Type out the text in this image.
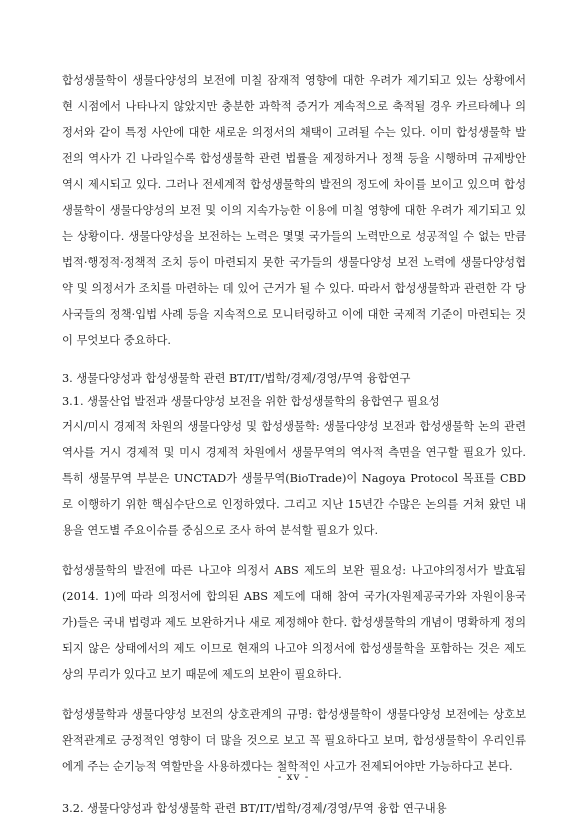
합성생물학이 생물다양성의 보전에 미칠 잠재적 영향에 대한 우려가 제기되고 있는 상황에서 현 시점에서 나타나지 않았지만 충분한 과학적 증거가 계속적으로 축적될 경우 카르타헤나 의정서와 같이 특정 사안에 대한 새로운 의정서의 채택이 고려될 수는 있다. 이미 합성생물학 발전의 역사가 긴 나라일수록 합성생물학 관련 법률을 제정하거나 정책 등을 시행하며 규제방안 역시 제시되고 있다. 그러나 전세계적 합성생물학의 발전의 정도에 차이를 보이고 있으며 합성생물학이 생물다양성의 보전 및 이의 지속가능한 이용에 미칠 영향에 대한 우려가 제기되고 있는 상황이다. 생물다양성을 보전하는 노력은 몇몇 국가들의 노력만으로 성공적일 수 없는 만큼 법적·행정적·정책적 조치 등이 마련되지 못한 국가들의 생물다양성 보전 노력에 생물다양성협약 및 의정서가 조치를 마련하는 데 있어 근거가 될 수 있다. 따라서 합성생물학과 관련한 각 당사국들의 정책·입법 사례 등을 지속적으로 모니터링하고 이에 대한 국제적 기준이 마련되는 것이 무엇보다 중요하다.

3. 생물다양성과 합성생물학 관련 BT/IT/법학/경제/경영/무역 융합연구

3.1. 생물산업 발전과 생물다양성 보전을 위한 합성생물학의 융합연구 필요성

거시/미시 경제적 차원의 생물다양성 및 합성생물학: 생물다양성 보전과 합성생물학 논의 관련 역사를 거시 경제적 및 미시 경제적 차원에서 생물무역의 역사적 측면을 연구할 필요가 있다. 특히 생물무역 부분은 UNCTAD가 생물무역(BioTrade)이 Nagoya Protocol 목표를 CBD로 이행하기 위한 핵심수단으로 인정하였다. 그리고 지난 15년간 수많은 논의를 거쳐 왔던 내용을 연도별 주요이슈를 중심으로 조사 하여 분석할 필요가 있다.

합성생물학의 발전에 따른 나고야 의정서 ABS 제도의 보완 필요성: 나고야의정서가 발효됨(2014. 1)에 따라 의정서에 합의된 ABS 제도에 대해 참여 국가(자원제공국가와 자원이용국가)들은 국내 법령과 제도 보완하거나 새로 제정해야 한다. 합성생물학의 개념이 명확하게 정의 되지 않은 상태에서의 제도 이므로 현재의 나고야 의정서에 합성생물학을 포함하는 것은 제도상의 무리가 있다고 보기 때문에 제도의 보완이 필요하다.

합성생물학과 생물다양성 보전의 상호관계의 규명: 합성생물학이 생물다양성 보전에는 상호보완적관계로 긍정적인 영향이 더 많을 것으로 보고 꼭 필요하다고 보며, 합성생물학이 우리인류에게 주는 순기능적 역할만을 사용하겠다는 철학적인 사고가 전제되어야만 가능하다고 본다.

3.2. 생물다양성과 합성생물학 관련 BT/IT/법학/경제/경영/무역 융합 연구내용

- xv -
